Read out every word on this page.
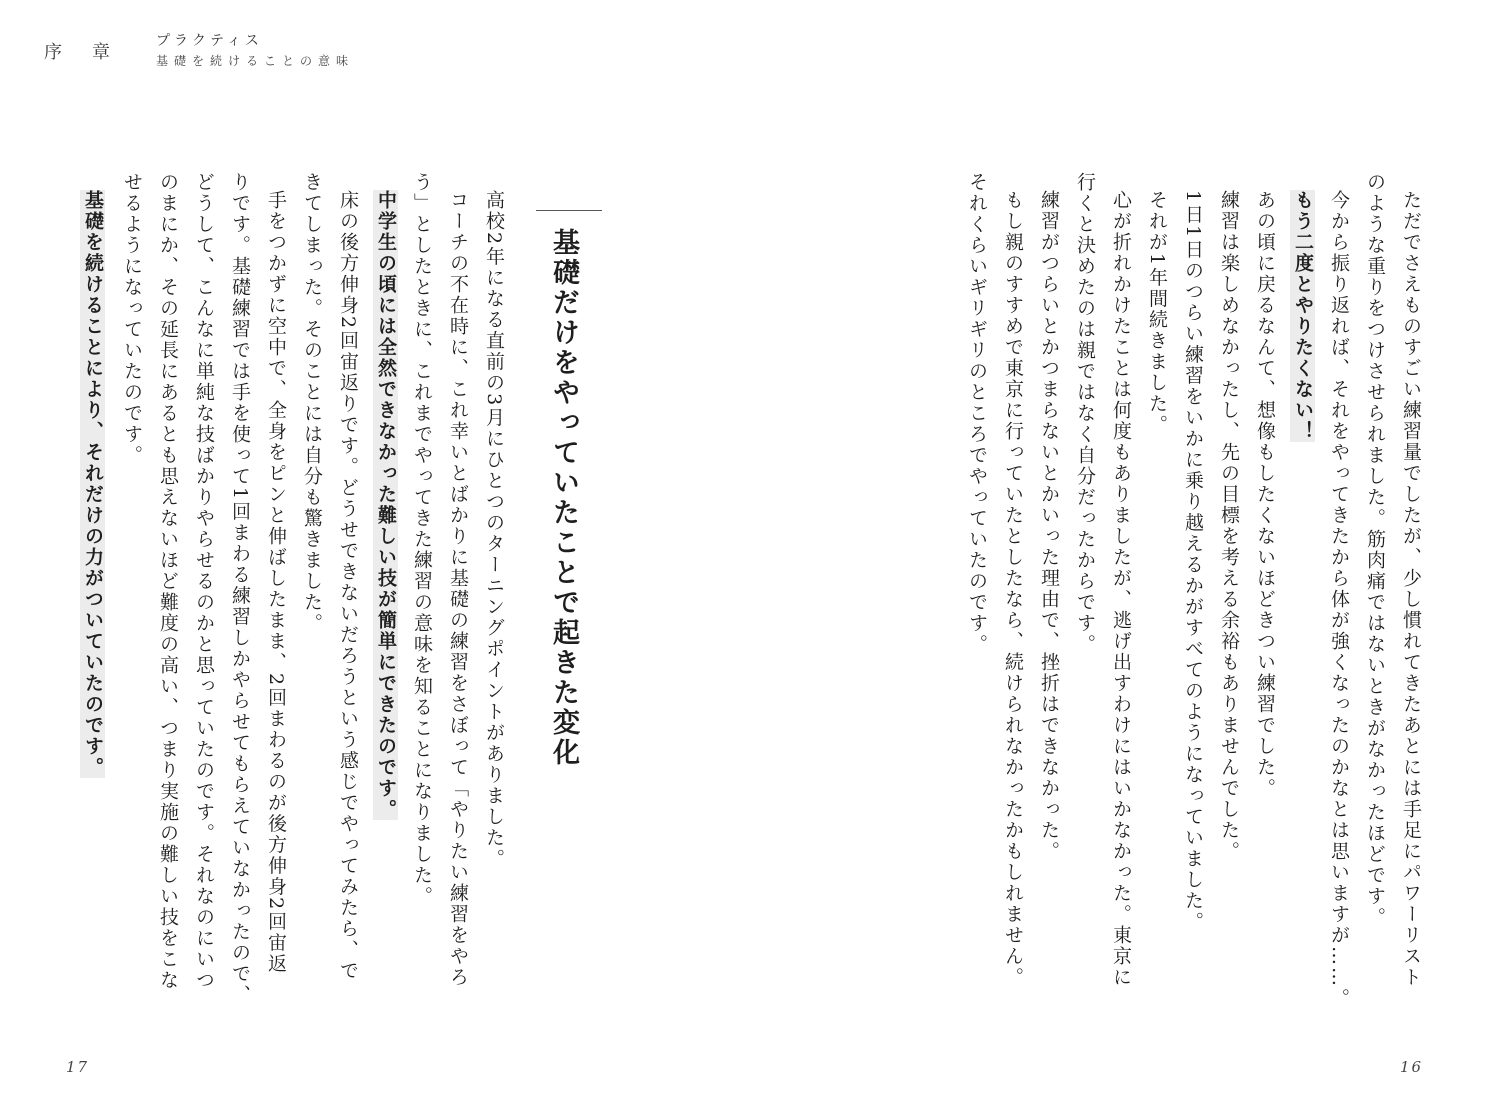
序章
プラクティス
基礎を続けることの意味
基礎だけをやっていたことで起きた変化
高校2年になる直前の3月にひとつのターニングポイントがありました。
コーチの不在時に、これ幸いとばかりに基礎の練習をさぼって「やりたい練習をやろ
う」としたときに、これまでやってきた練習の意味を知ることになりました。
中学生の頃には全然できなかった難しい技が簡単にできたのです。
床の後方伸身2回宙返りです。どうせできないだろうという感じでやってみたら、で
きてしまった。そのことには自分も驚きました。
手をつかずに空中で、全身をピンと伸ばしたまま、2回まわるのが後方伸身2回宙返
りです。基礎練習では手を使って1回まわる練習しかやらせてもらえていなかったので、
どうして、こんなに単純な技ばかりやらせるのかと思っていたのです。それなのにいつ
のまにか、その延長にあるとも思えないほど難度の高い、つまり実施の難しい技をこな
せるようになっていたのです。
基礎を続けることにより、それだけの力がついていたのです。
17
ただでさえものすごい練習量でしたが、少し慣れてきたあとには手足にパワーリスト
のような重りをつけさせられました。筋肉痛ではないときがなかったほどです。
今から振り返れば、それをやってきたから体が強くなったのかなとは思いますが……。
もう二度とやりたくない！
あの頃に戻るなんて、想像もしたくないほどきつい練習でした。
練習は楽しめなかったし、先の目標を考える余裕もありませんでした。
1日1日のつらい練習をいかに乗り越えるかがすべてのようになっていました。
それが1年間続きました。
心が折れかけたことは何度もありましたが、逃げ出すわけにはいかなかった。東京に
行くと決めたのは親ではなく自分だったからです。
練習がつらいとかつまらないとかいった理由で、挫折はできなかった。
もし親のすすめで東京に行っていたとしたなら、続けられなかったかもしれません。
それくらいギリギリのところでやっていたのです。
16
